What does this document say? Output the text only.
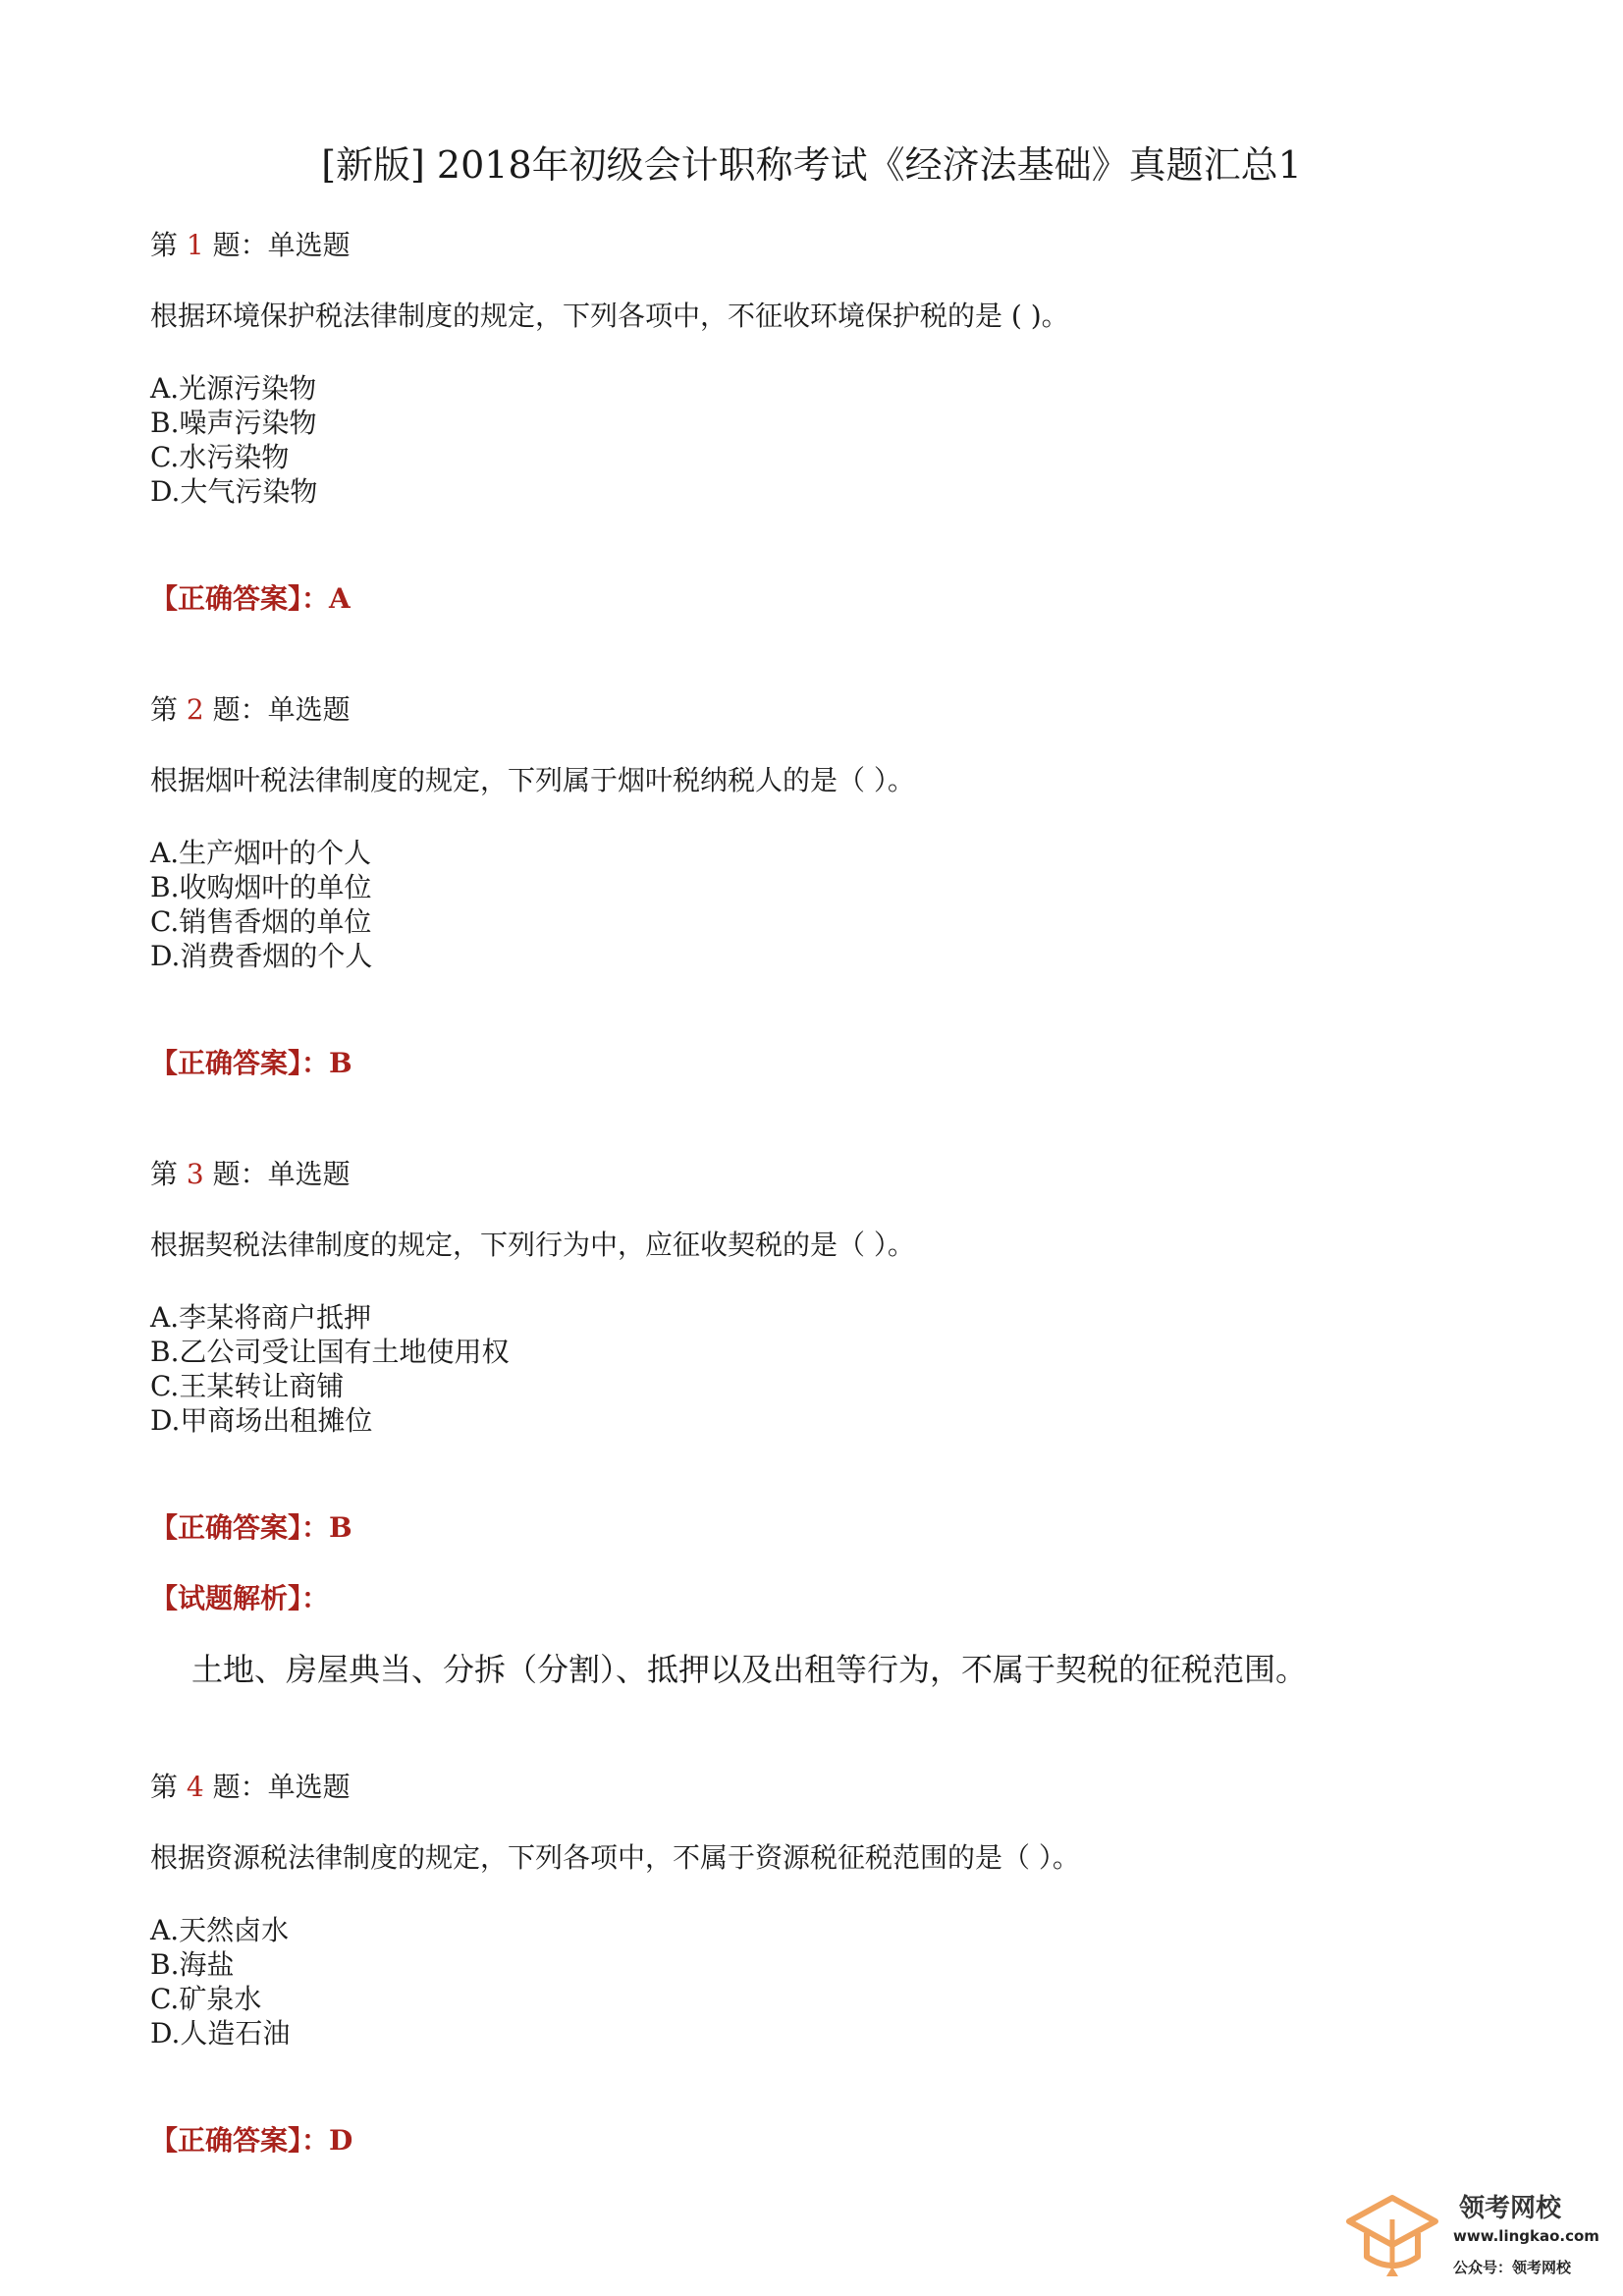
[新版] 2018年初级会计职称考试《经济法基础》真题汇总1
第 1 题：单选题
根据环境保护税法律制度的规定，下列各项中，不征收环境保护税的是 ( )。
A.光源污染物
B.噪声污染物
C.水污染物
D.大气污染物
【正确答案】：A
第 2 题：单选题
根据烟叶税法律制度的规定，下列属于烟叶税纳税人的是（ ）。
A.生产烟叶的个人
B.收购烟叶的单位
C.销售香烟的单位
D.消费香烟的个人
【正确答案】：B
第 3 题：单选题
根据契税法律制度的规定，下列行为中，应征收契税的是（ ）。
A.李某将商户抵押
B.乙公司受让国有土地使用权
C.王某转让商铺
D.甲商场出租摊位
【正确答案】：B
【试题解析】：
土地、房屋典当、分拆（分割）、抵押以及出租等行为，不属于契税的征税范围。
第 4 题：单选题
根据资源税法律制度的规定，下列各项中，不属于资源税征税范围的是（ ）。
A.天然卤水
B.海盐
C.矿泉水
D.人造石油
【正确答案】：D
领考网校
www.lingkao.com
公众号：领考网校
